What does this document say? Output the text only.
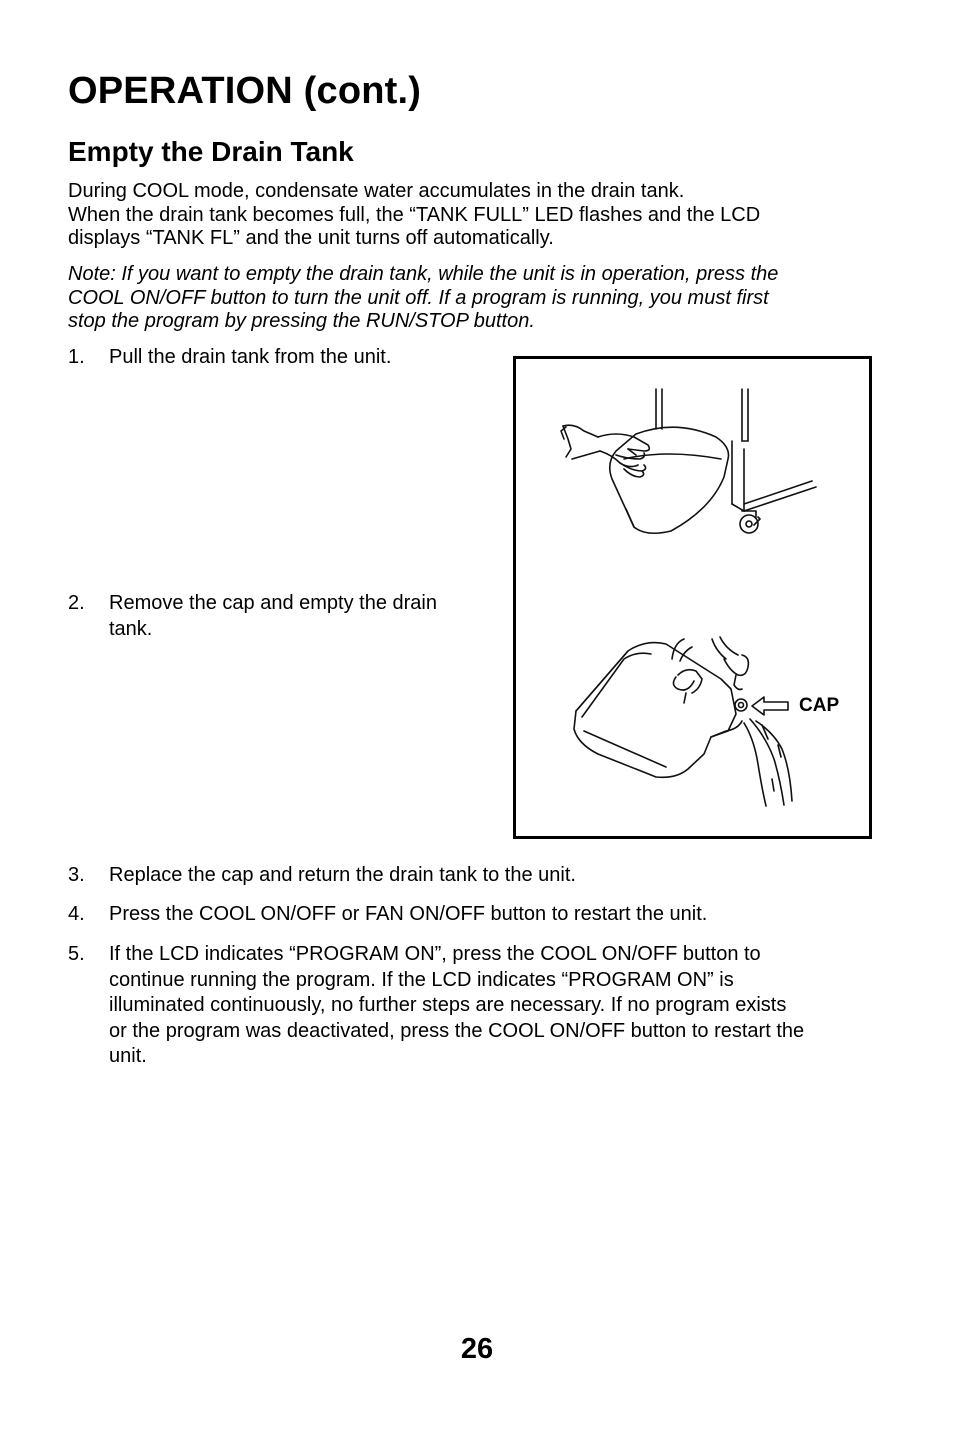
OPERATION (cont.)
Empty the Drain Tank

During COOL mode, condensate water accumulates in the drain tank.
When the drain tank becomes full, the “TANK FULL” LED flashes and the LCD
displays “TANK FL” and the unit turns off automatically.

Note: If you want to empty the drain tank, while the unit is in operation, press the
COOL ON/OFF button to turn the unit off. If a program is running, you must first
stop the program by pressing the RUN/STOP button.

1. Pull the drain tank from the unit.
2. Remove the cap and empty the drain
tank.
CAP
3. Replace the cap and return the drain tank to the unit.
4. Press the COOL ON/OFF or FAN ON/OFF button to restart the unit.
5. If the LCD indicates “PROGRAM ON”, press the COOL ON/OFF button to
continue running the program. If the LCD indicates “PROGRAM ON” is
illuminated continuously, no further steps are necessary. If no program exists
or the program was deactivated, press the COOL ON/OFF button to restart the
unit.
26
